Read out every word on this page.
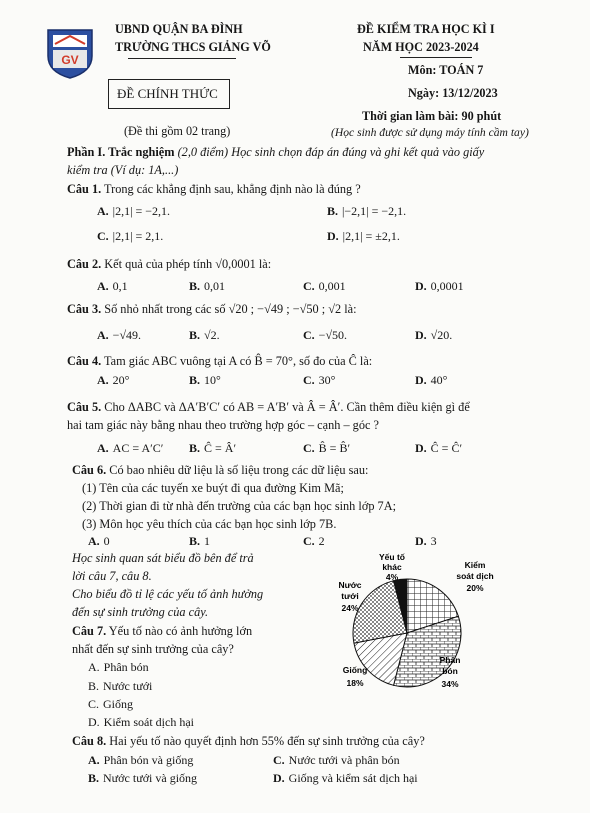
UBND QUẬN BA ĐÌNH
TRƯỜNG THCS GIẢNG VÕ
ĐỀ CHÍNH THỨC
(Đề thi gồm 02 trang)
GV
ĐỀ KIỂM TRA HỌC KÌ I
NĂM HỌC 2023-2024
Môn: TOÁN 7
Ngày: 13/12/2023
Thời gian làm bài: 90 phút
(Học sinh được sử dụng máy tính cầm tay)
Phần I. Trắc nghiệm (2,0 điểm) Học sinh chọn đáp án đúng và ghi kết quả vào giấy
kiểm tra (Ví dụ: 1A,...)
Câu 1. Trong các khẳng định sau, khẳng định nào là đúng ?
A. |2,1| = −2,1.	B. |−2,1| = −2,1.
C. |2,1| = 2,1.	D. |2,1| = ±2,1.
Câu 2. Kết quả của phép tính √0,0001 là:
A. 0,1	B. 0,01	C. 0,001	D. 0,0001
Câu 3. Số nhỏ nhất trong các số √20 ; −√49 ; −√50 ; √2 là:
A. −√49.	B. √2.	C. −√50.	D. √20.
Câu 4. Tam giác ABC vuông tại A có B̂ = 70°, số đo của Ĉ là:
A. 20°	B. 10°	C. 30°	D. 40°
Câu 5. Cho ΔABC và ΔA′B′C′ có AB = A′B′ và Â = Â′. Cần thêm điều kiện gì để
hai tam giác này bằng nhau theo trường hợp góc – cạnh – góc ?
A. AC = A′C′ B. Ĉ = Â′	C. B̂ = B̂′	D. Ĉ = Ĉ′
Câu 6. Có bao nhiêu dữ liệu là số liệu trong các dữ liệu sau:
(1) Tên của các tuyến xe buýt đi qua đường Kim Mã;
(2) Thời gian đi từ nhà đến trường của các bạn học sinh lớp 7A;
(3) Môn học yêu thích của các bạn học sinh lớp 7B.
A. 0	B. 1	C. 2	D. 3
Học sinh quan sát biểu đồ bên để trả
lời câu 7, câu 8.
Cho biểu đồ tỉ lệ các yếu tố ảnh hưởng
đến sự sinh trưởng của cây.
Câu 7. Yếu tố nào có ảnh hưởng lớn
nhất đến sự sinh trưởng của cây?
A. Phân bón
B. Nước tưới
C. Giống
D. Kiểm soát dịch hại
Câu 8. Hai yếu tố nào quyết định hơn 55% đến sự sinh trưởng của cây?
A. Phân bón và giống	C. Nước tưới và phân bón
B. Nước tưới và giống	D. Giống và kiểm sát dịch hại
Yếu tố
khác
4%
Kiểm
soát dịch
20%
Nước
tưới
24%
Giống
18%
Phân
bón
34%
